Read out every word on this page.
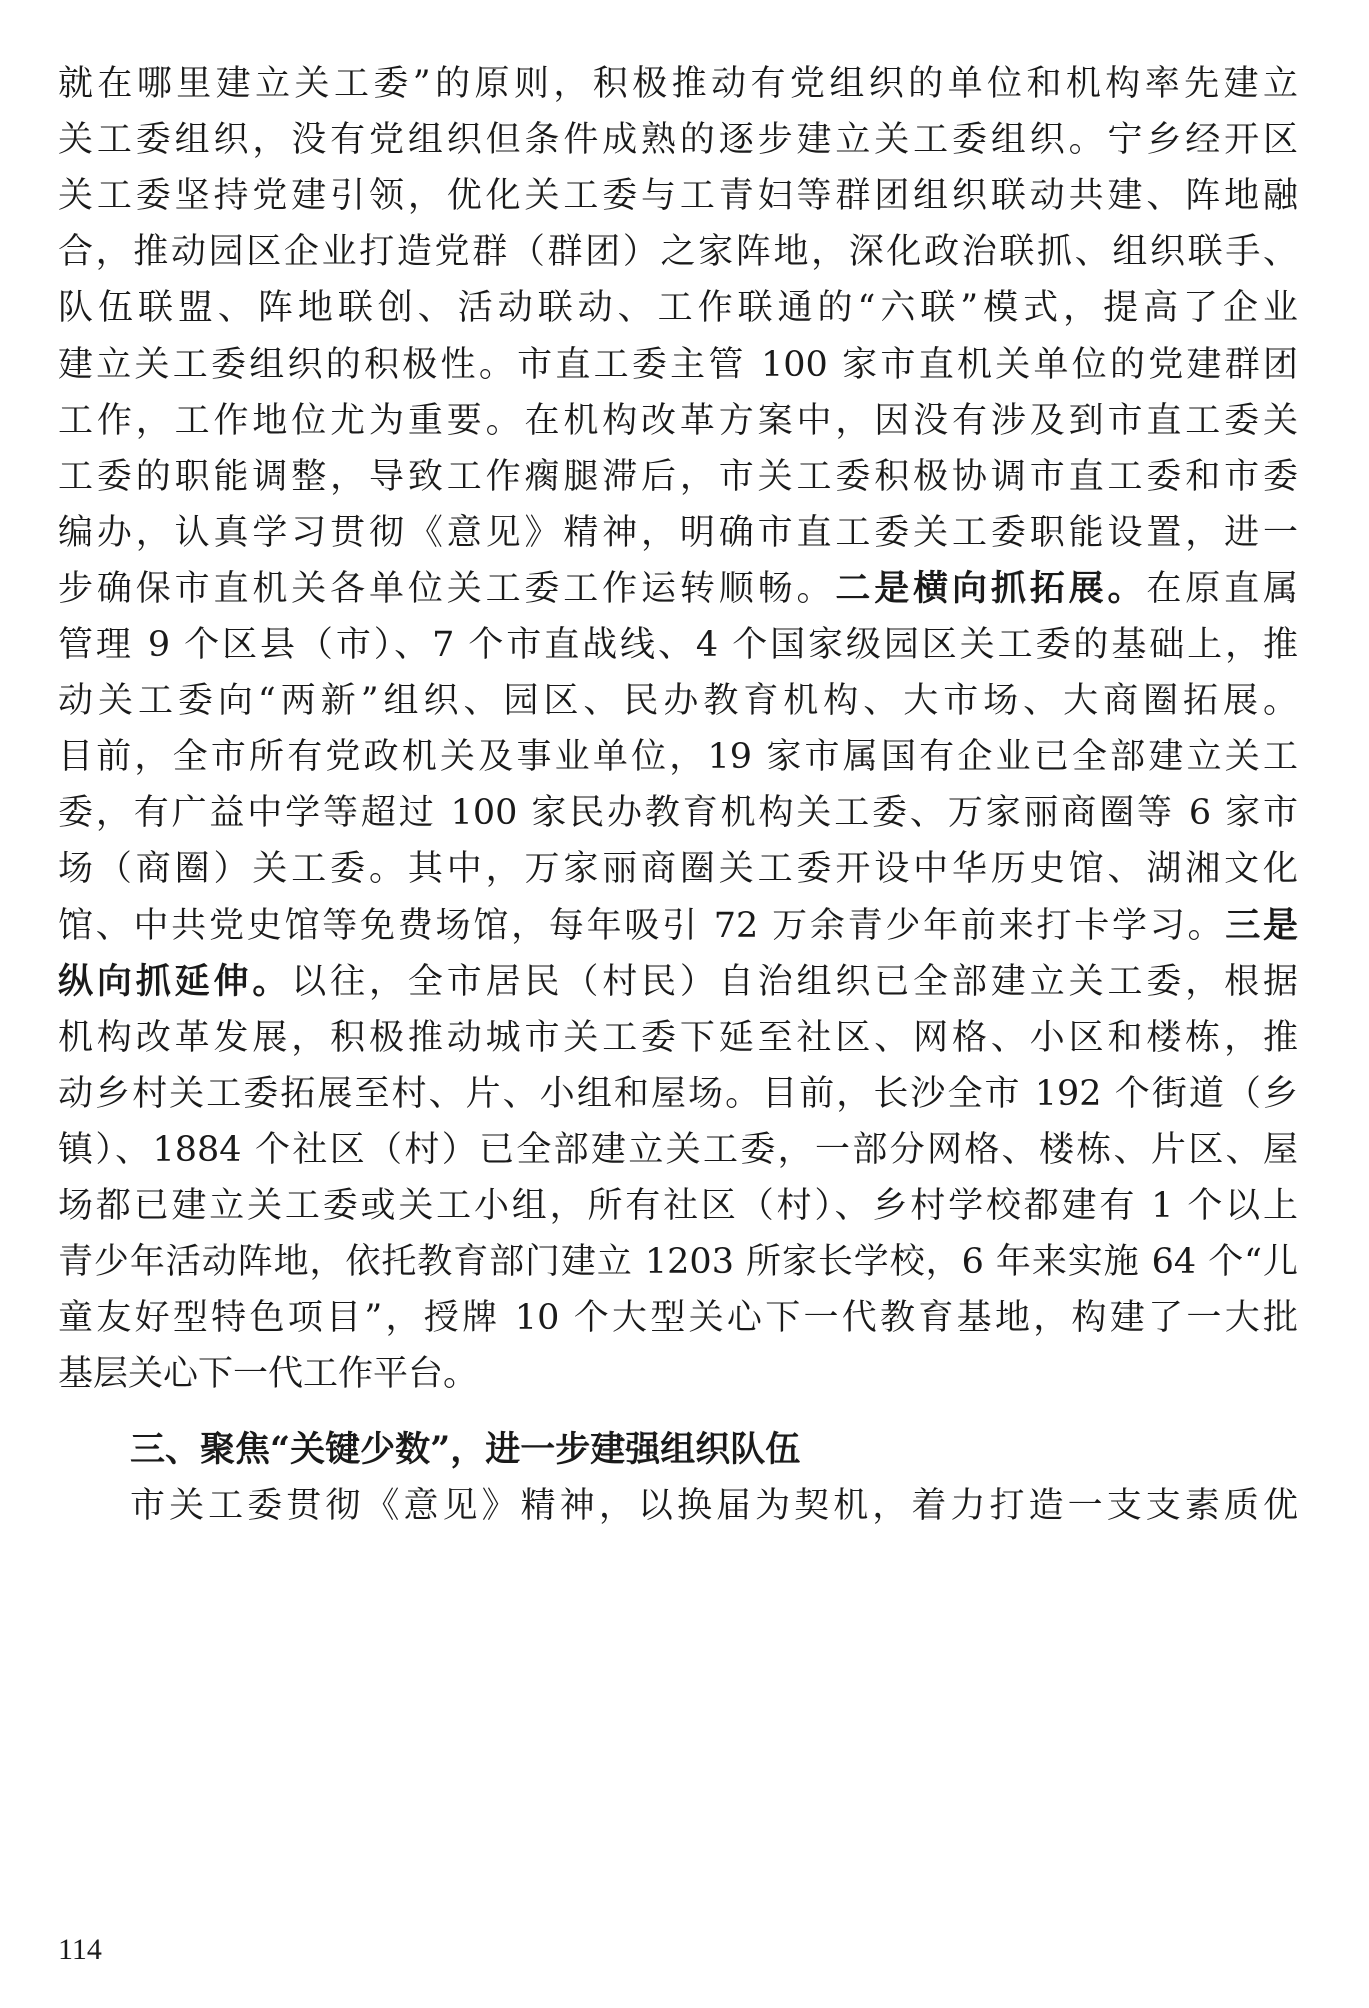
就在哪里建立关工委”的原则，积极推动有党组织的单位和机构率先建立
关工委组织，没有党组织但条件成熟的逐步建立关工委组织。宁乡经开区
关工委坚持党建引领，优化关工委与工青妇等群团组织联动共建、阵地融
合，推动园区企业打造党群（群团）之家阵地，深化政治联抓、组织联手、
队伍联盟、阵地联创、活动联动、工作联通的“六联”模式，提高了企业
建立关工委组织的积极性。市直工委主管 100 家市直机关单位的党建群团
工作，工作地位尤为重要。在机构改革方案中，因没有涉及到市直工委关
工委的职能调整，导致工作瘸腿滞后，市关工委积极协调市直工委和市委
编办，认真学习贯彻《意见》精神，明确市直工委关工委职能设置，进一
步确保市直机关各单位关工委工作运转顺畅。二是横向抓拓展。在原直属
管理 9 个区县（市）、7 个市直战线、4 个国家级园区关工委的基础上，推
动关工委向“两新”组织、园区、民办教育机构、大市场、大商圈拓展。
目前，全市所有党政机关及事业单位，19 家市属国有企业已全部建立关工
委，有广益中学等超过 100 家民办教育机构关工委、万家丽商圈等 6 家市
场（商圈）关工委。其中，万家丽商圈关工委开设中华历史馆、湖湘文化
馆、中共党史馆等免费场馆，每年吸引 72 万余青少年前来打卡学习。三是
纵向抓延伸。以往，全市居民（村民）自治组织已全部建立关工委，根据
机构改革发展，积极推动城市关工委下延至社区、网格、小区和楼栋，推
动乡村关工委拓展至村、片、小组和屋场。目前，长沙全市 192 个街道（乡
镇）、1884 个社区（村）已全部建立关工委，一部分网格、楼栋、片区、屋
场都已建立关工委或关工小组，所有社区（村）、乡村学校都建有 1 个以上
青少年活动阵地，依托教育部门建立 1203 所家长学校，6 年来实施 64 个“儿
童友好型特色项目”，授牌 10 个大型关心下一代教育基地，构建了一大批
基层关心下一代工作平台。
三、聚焦“关键少数”，进一步建强组织队伍
市关工委贯彻《意见》精神，以换届为契机，着力打造一支支素质优
114
